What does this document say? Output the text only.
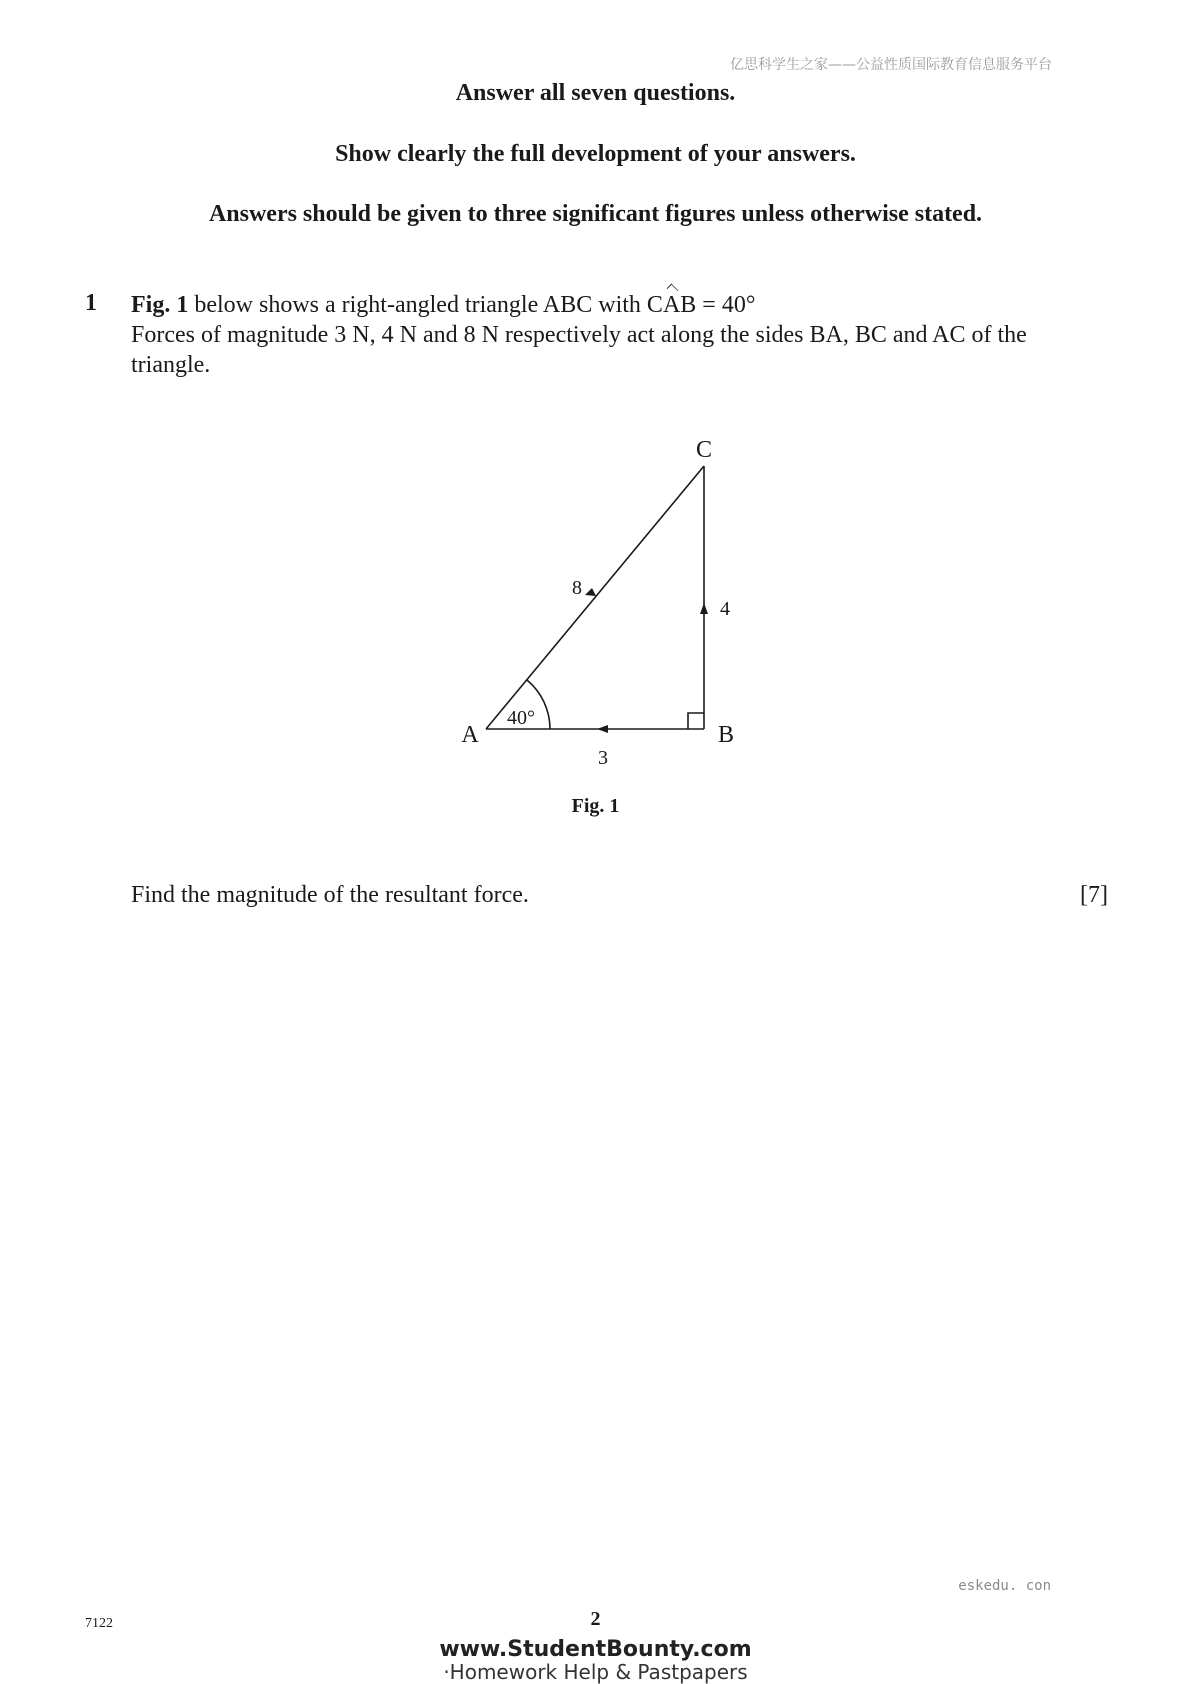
亿思科学生之家——公益性质国际教育信息服务平台
Answer all seven questions.
Show clearly the full development of your answers.
Answers should be given to three significant figures unless otherwise stated.
1 Fig. 1 below shows a right-angled triangle ABC with CAB = 40°
Forces of magnitude 3 N, 4 N and 8 N respectively act along the sides BA, BC and AC of the
triangle.
C
A	B
8
4
3
40°
Fig. 1
Find the magnitude of the resultant force.	[7]
eskedu. con
7122	2
www.StudentBounty.com
·Homework Help & Pastpapers
